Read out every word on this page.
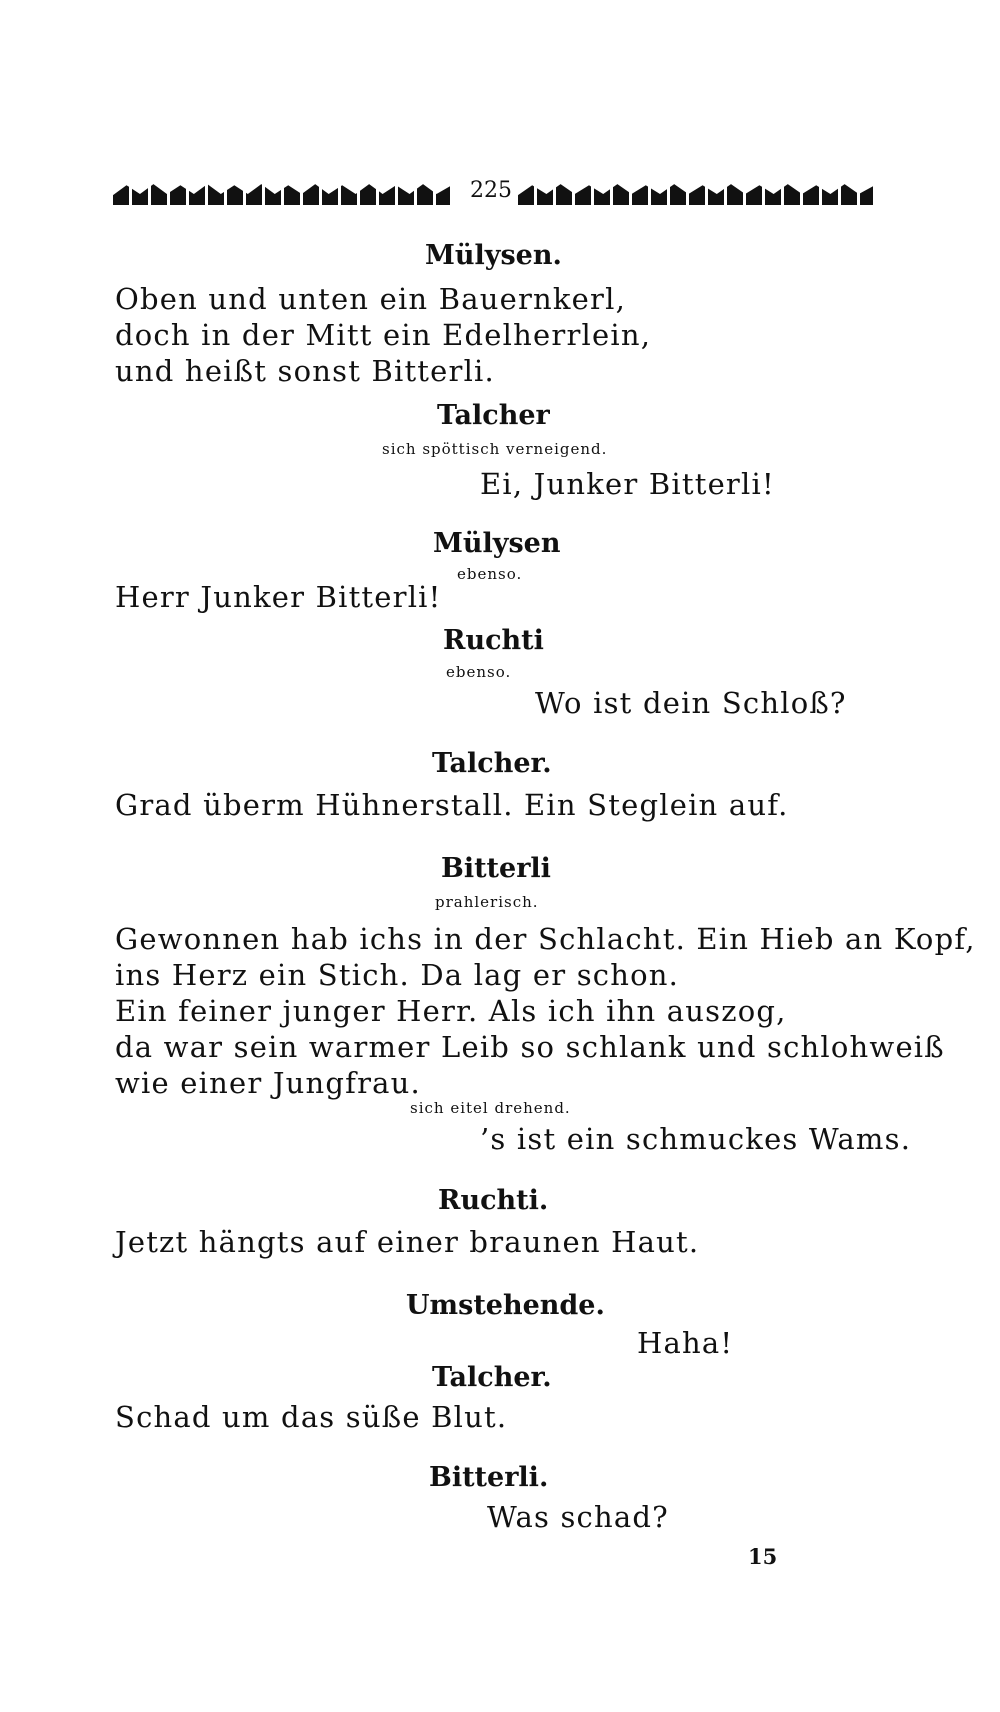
225
Mülysen.
Oben und unten ein Bauernkerl,
doch in der Mitt ein Edelherrlein,
und heißt sonst Bitterli.
Talcher
sich spöttisch verneigend.
Ei, Junker Bitterli!
Mülysen
ebenso.
Herr Junker Bitterli!
Ruchti
ebenso.
Wo ist dein Schloß?
Talcher.
Grad überm Hühnerstall. Ein Steglein auf.
Bitterli
prahlerisch.
Gewonnen hab ichs in der Schlacht. Ein Hieb an Kopf,
ins Herz ein Stich. Da lag er schon.
Ein feiner junger Herr. Als ich ihn auszog,
da war sein warmer Leib so schlank und schlohweiß
wie einer Jungfrau.
sich eitel drehend.
’s ist ein schmuckes Wams.
Ruchti.
Jetzt hängts auf einer braunen Haut.
Umstehende.
Haha!
Talcher.
Schad um das süße Blut.
Bitterli.
Was schad?
15
